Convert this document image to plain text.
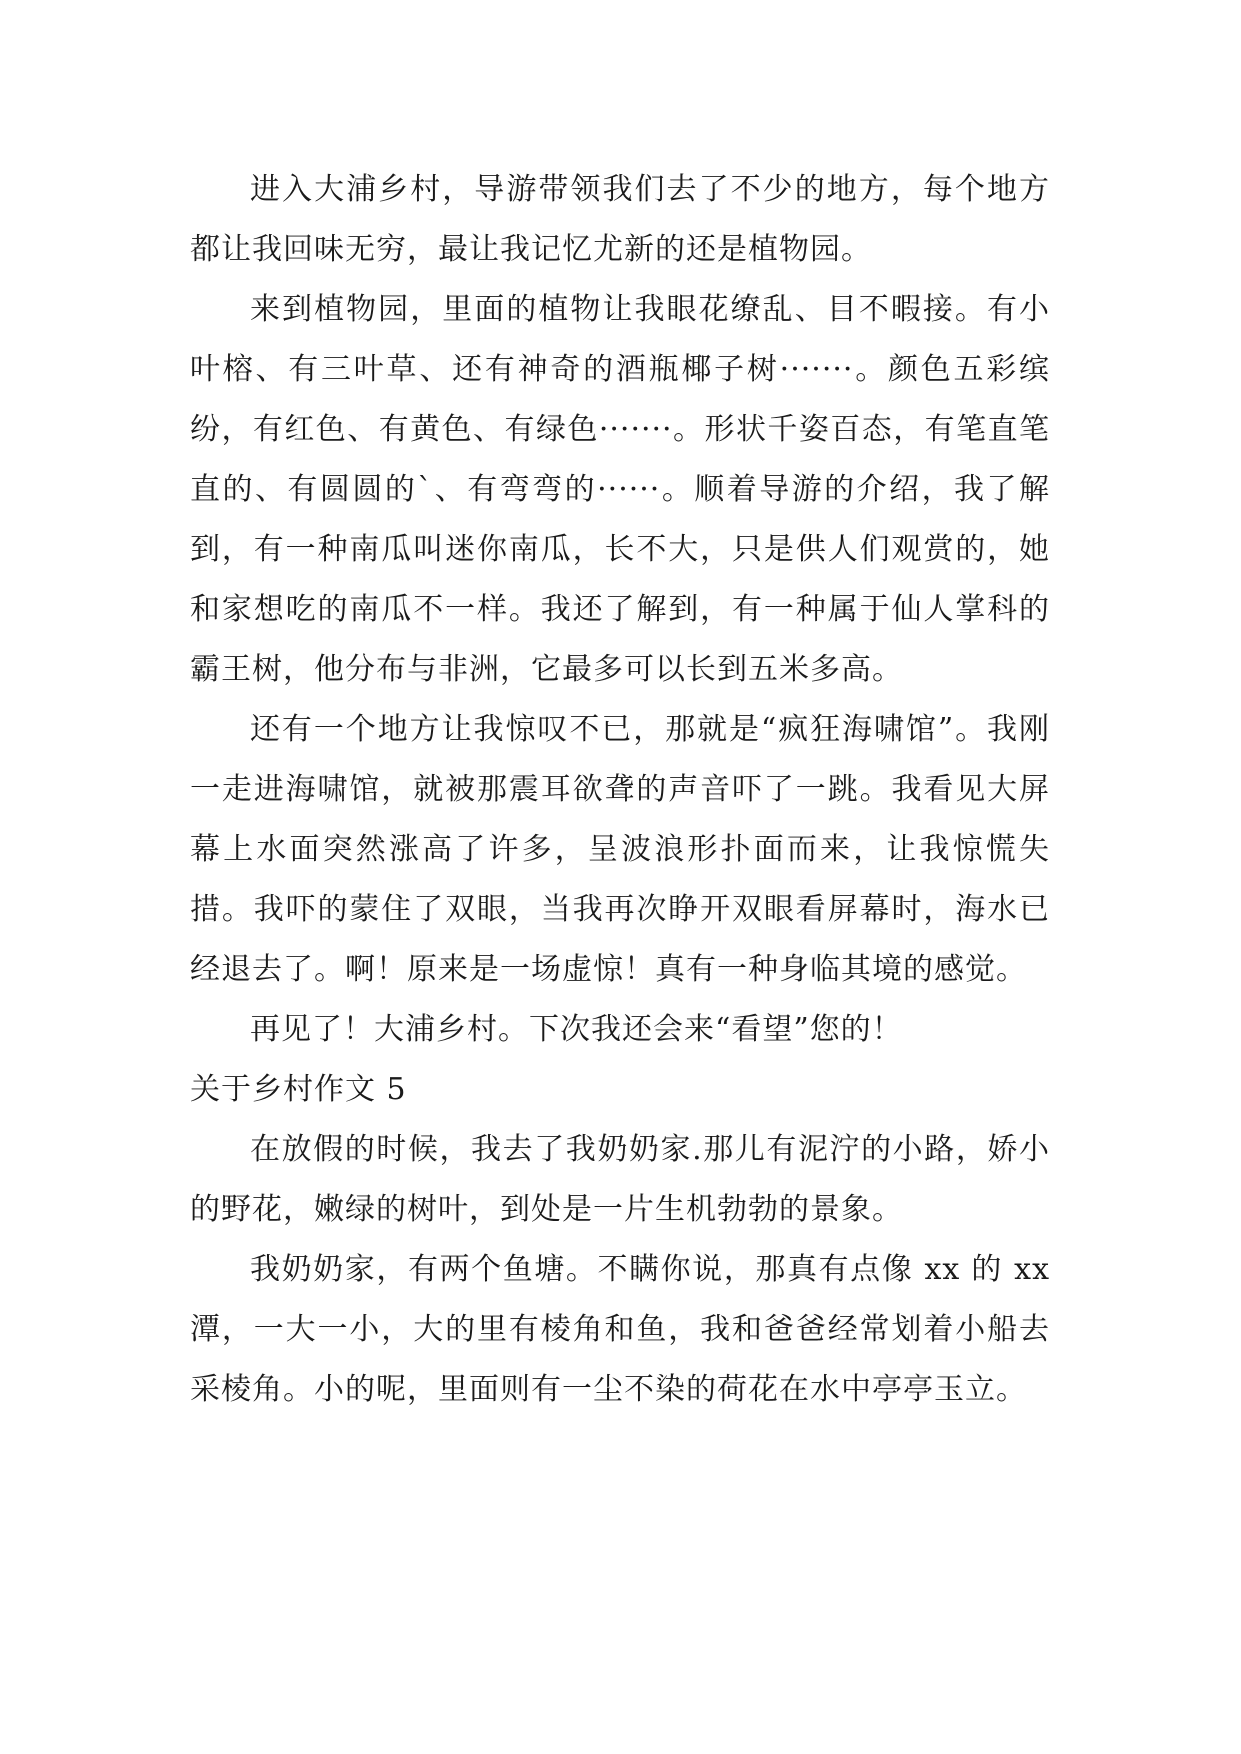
进入大浦乡村，导游带领我们去了不少的地方，每个地方都让我回味无穷，最让我记忆尤新的还是植物园。

来到植物园，里面的植物让我眼花缭乱、目不暇接。有小叶榕、有三叶草、还有神奇的酒瓶椰子树·······。颜色五彩缤纷，有红色、有黄色、有绿色·······。形状千姿百态，有笔直笔直的、有圆圆的`、有弯弯的······。顺着导游的介绍，我了解到，有一种南瓜叫迷你南瓜，长不大，只是供人们观赏的，她和家想吃的南瓜不一样。我还了解到，有一种属于仙人掌科的霸王树，他分布与非洲，它最多可以长到五米多高。

还有一个地方让我惊叹不已，那就是“疯狂海啸馆”。我刚一走进海啸馆，就被那震耳欲聋的声音吓了一跳。我看见大屏幕上水面突然涨高了许多，呈波浪形扑面而来，让我惊慌失措。我吓的蒙住了双眼，当我再次睁开双眼看屏幕时，海水已经退去了。啊！原来是一场虚惊！真有一种身临其境的感觉。

再见了！大浦乡村。下次我还会来“看望”您的！

关于乡村作文 5

在放假的时候，我去了我奶奶家.那儿有泥泞的小路，娇小的野花，嫩绿的树叶，到处是一片生机勃勃的景象。

我奶奶家，有两个鱼塘。不瞒你说，那真有点像 xx 的 xx 潭，一大一小，大的里有棱角和鱼，我和爸爸经常划着小船去采棱角。小的呢，里面则有一尘不染的荷花在水中亭亭玉立。
